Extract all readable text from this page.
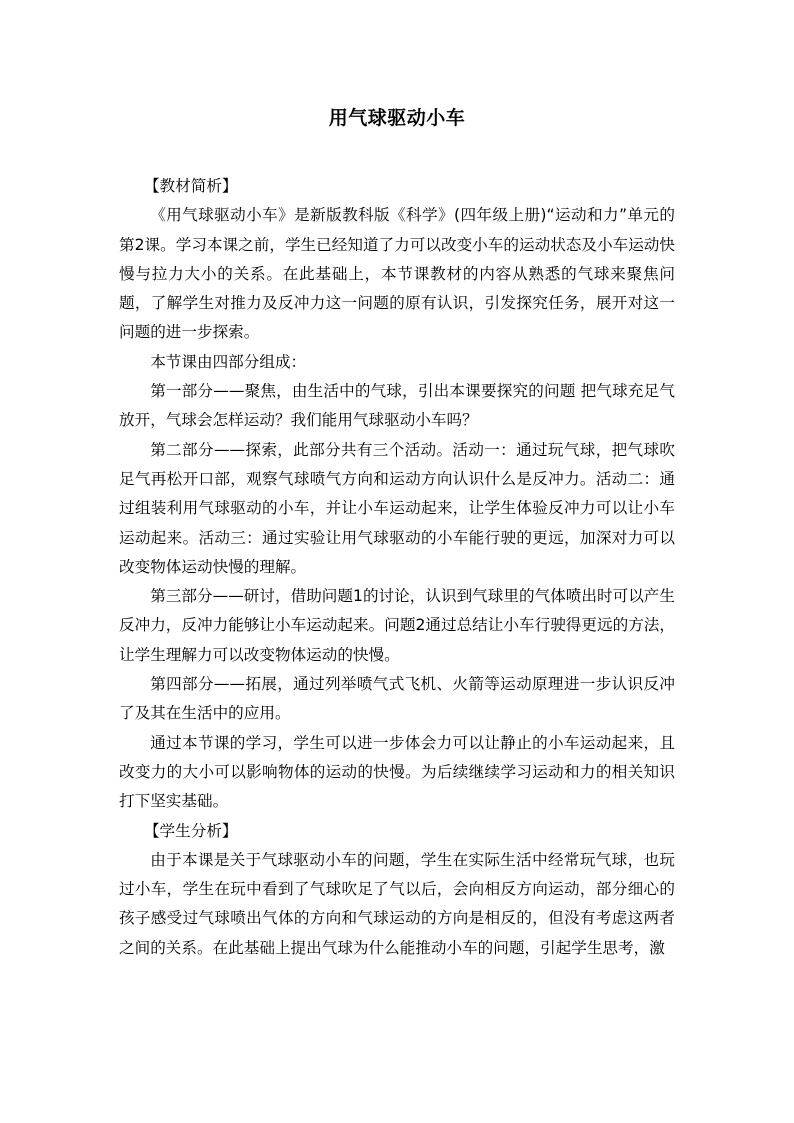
用气球驱动小车

【教材简析】

《用气球驱动小车》是新版教科版《科学》(四年级上册)“运动和力”单元的第2课。学习本课之前，学生已经知道了力可以改变小车的运动状态及小车运动快慢与拉力大小的关系。在此基础上，本节课教材的内容从熟悉的气球来聚焦问题，了解学生对推力及反冲力这一问题的原有认识，引发探究任务，展开对这一问题的进一步探索。

本节课由四部分组成：

第一部分——聚焦，由生活中的气球，引出本课要探究的问题 把气球充足气放开，气球会怎样运动？我们能用气球驱动小车吗？

第二部分——探索，此部分共有三个活动。活动一：通过玩气球，把气球吹足气再松开口部，观察气球喷气方向和运动方向认识什么是反冲力。活动二：通过组装利用气球驱动的小车，并让小车运动起来，让学生体验反冲力可以让小车运动起来。活动三：通过实验让用气球驱动的小车能行驶的更远，加深对力可以改变物体运动快慢的理解。

第三部分——研讨，借助问题1的讨论，认识到气球里的气体喷出时可以产生反冲力，反冲力能够让小车运动起来。问题2通过总结让小车行驶得更远的方法，让学生理解力可以改变物体运动的快慢。

第四部分——拓展，通过列举喷气式飞机、火箭等运动原理进一步认识反冲了及其在生活中的应用。

通过本节课的学习，学生可以进一步体会力可以让静止的小车运动起来，且改变力的大小可以影响物体的运动的快慢。为后续继续学习运动和力的相关知识打下坚实基础。

【学生分析】

由于本课是关于气球驱动小车的问题，学生在实际生活中经常玩气球，也玩过小车，学生在玩中看到了气球吹足了气以后，会向相反方向运动，部分细心的孩子感受过气球喷出气体的方向和气球运动的方向是相反的，但没有考虑这两者之间的关系。在此基础上提出气球为什么能推动小车的问题，引起学生思考，激
